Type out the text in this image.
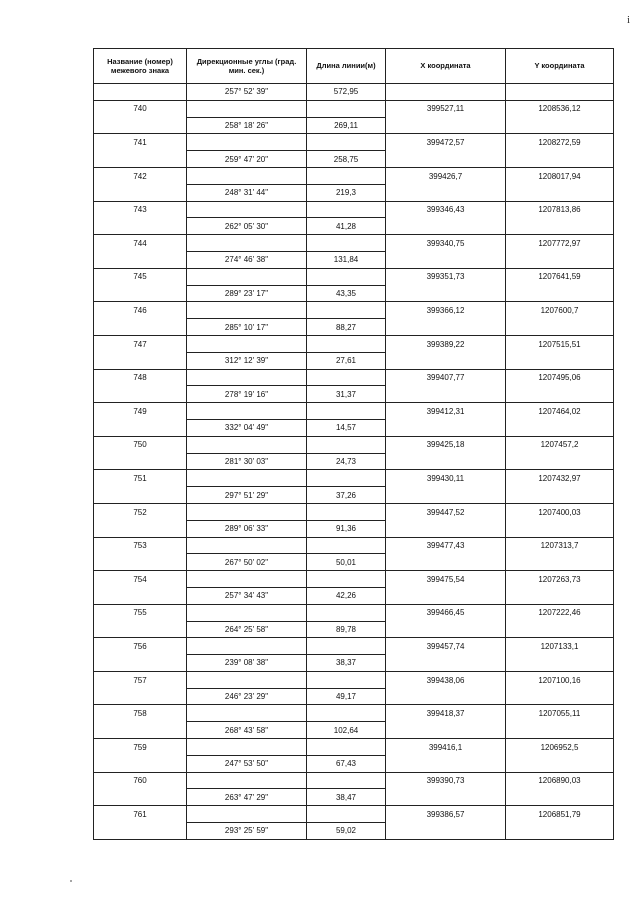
і
Название (номер) межевого знака	Дирекционные углы (град. мин. сек.)	Длина линии(м)	X координата	Y координата
	257° 52' 39"	572,95		
740			399527,11	1208536,12
	258° 18' 26"	269,11		
741			399472,57	1208272,59
	259° 47' 20"	258,75		
742			399426,7	1208017,94
	248° 31' 44"	219,3		
743			399346,43	1207813,86
	262° 05' 30"	41,28		
744			399340,75	1207772,97
	274° 46' 38"	131,84		
745			399351,73	1207641,59
	289° 23' 17"	43,35		
746			399366,12	1207600,7
	285° 10' 17"	88,27		
747			399389,22	1207515,51
	312° 12' 39"	27,61		
748			399407,77	1207495,06
	278° 19' 16"	31,37		
749			399412,31	1207464,02
	332° 04' 49"	14,57		
750			399425,18	1207457,2
	281° 30' 03"	24,73		
751			399430,11	1207432,97
	297° 51' 29"	37,26		
752			399447,52	1207400,03
	289° 06' 33"	91,36		
753			399477,43	1207313,7
	267° 50' 02"	50,01		
754			399475,54	1207263,73
	257° 34' 43"	42,26		
755			399466,45	1207222,46
	264° 25' 58"	89,78		
756			399457,74	1207133,1
	239° 08' 38"	38,37		
757			399438,06	1207100,16
	246° 23' 29"	49,17		
758			399418,37	1207055,11
	268° 43' 58"	102,64		
759			399416,1	1206952,5
	247° 53' 50"	67,43		
760			399390,73	1206890,03
	263° 47' 29"	38,47		
761			399386,57	1206851,79
	293° 25' 59"	59,02		
